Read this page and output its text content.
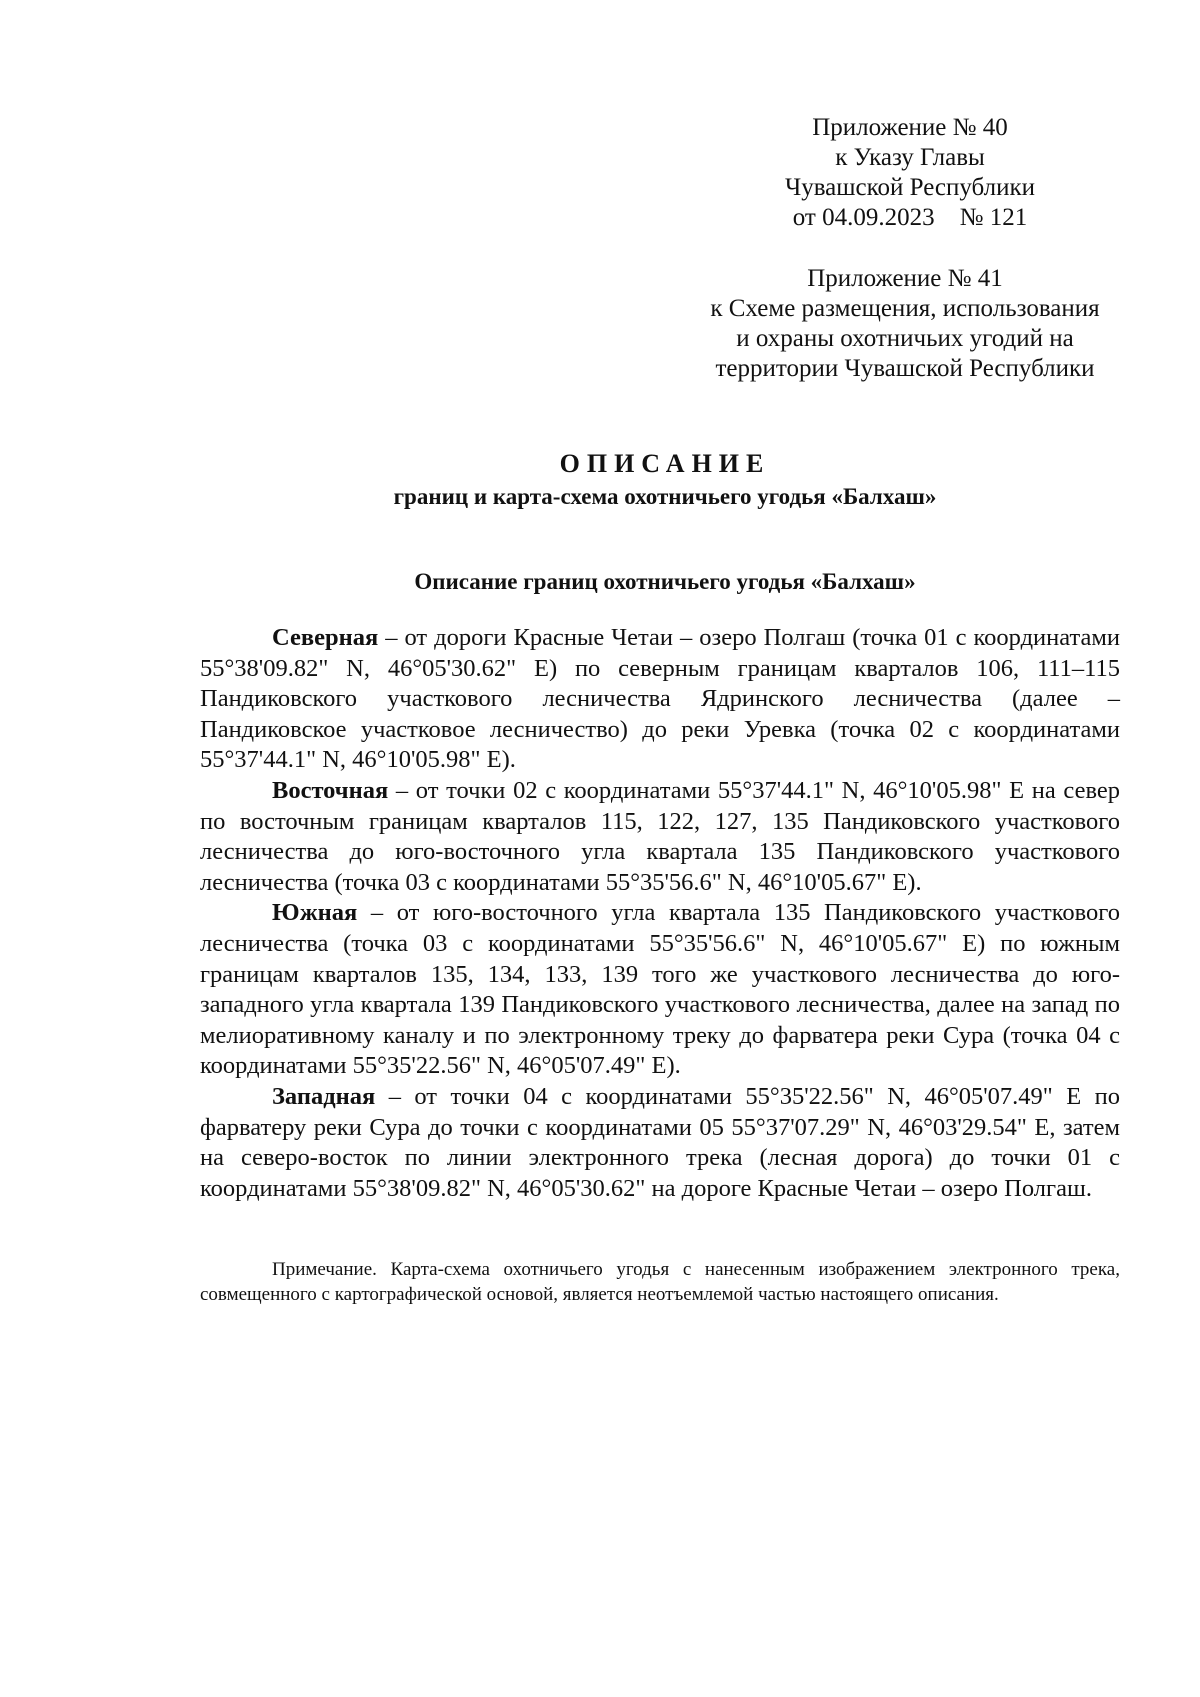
Приложение № 40
к Указу Главы
Чувашской Республики
от 04.09.2023    № 121
Приложение № 41
к Схеме размещения, использования
и охраны охотничьих угодий на
территории Чувашской Республики
ОПИСАНИЕ
границ и карта-схема охотничьего угодья «Балхаш»
Описание границ охотничьего угодья «Балхаш»

Северная – от дороги Красные Четаи – озеро Полгаш (точка 01 с координатами 55°38'09.82" N, 46°05'30.62" E) по северным границам кварталов 106, 111–115 Пандиковского участкового лесничества Ядринского лесничества (далее – Пандиковское участковое лесничество) до реки Уревка (точка 02 с координатами 55°37'44.1" N, 46°10'05.98" E).

Восточная – от точки 02 с координатами 55°37'44.1" N, 46°10'05.98" E на север по восточным границам кварталов 115, 122, 127, 135 Пандиковского участкового лесничества до юго-восточного угла квартала 135 Пандиковского участкового лесничества (точка 03 с координатами 55°35'56.6" N, 46°10'05.67" E).

Южная – от юго-восточного угла квартала 135 Пандиковского участкового лесничества (точка 03 с координатами 55°35'56.6" N, 46°10'05.67" E) по южным границам кварталов 135, 134, 133, 139 того же участкового лесничества до юго-западного угла квартала 139 Пандиковского участкового лесничества, далее на запад по мелиоративному каналу и по электронному треку до фарватера реки Сура (точка 04 с координатами 55°35'22.56" N, 46°05'07.49" E).

Западная – от точки 04 с координатами 55°35'22.56" N, 46°05'07.49" E по фарватеру реки Сура до точки с координатами 05 55°37'07.29" N, 46°03'29.54" E, затем на северо-восток по линии электронного трека (лесная дорога) до точки 01 с координатами 55°38'09.82" N, 46°05'30.62" на дороге Красные Четаи – озеро Полгаш.

Примечание. Карта-схема охотничьего угодья с нанесенным изображением электронного трека, совмещенного с картографической основой, является неотъемлемой частью настоящего описания.
